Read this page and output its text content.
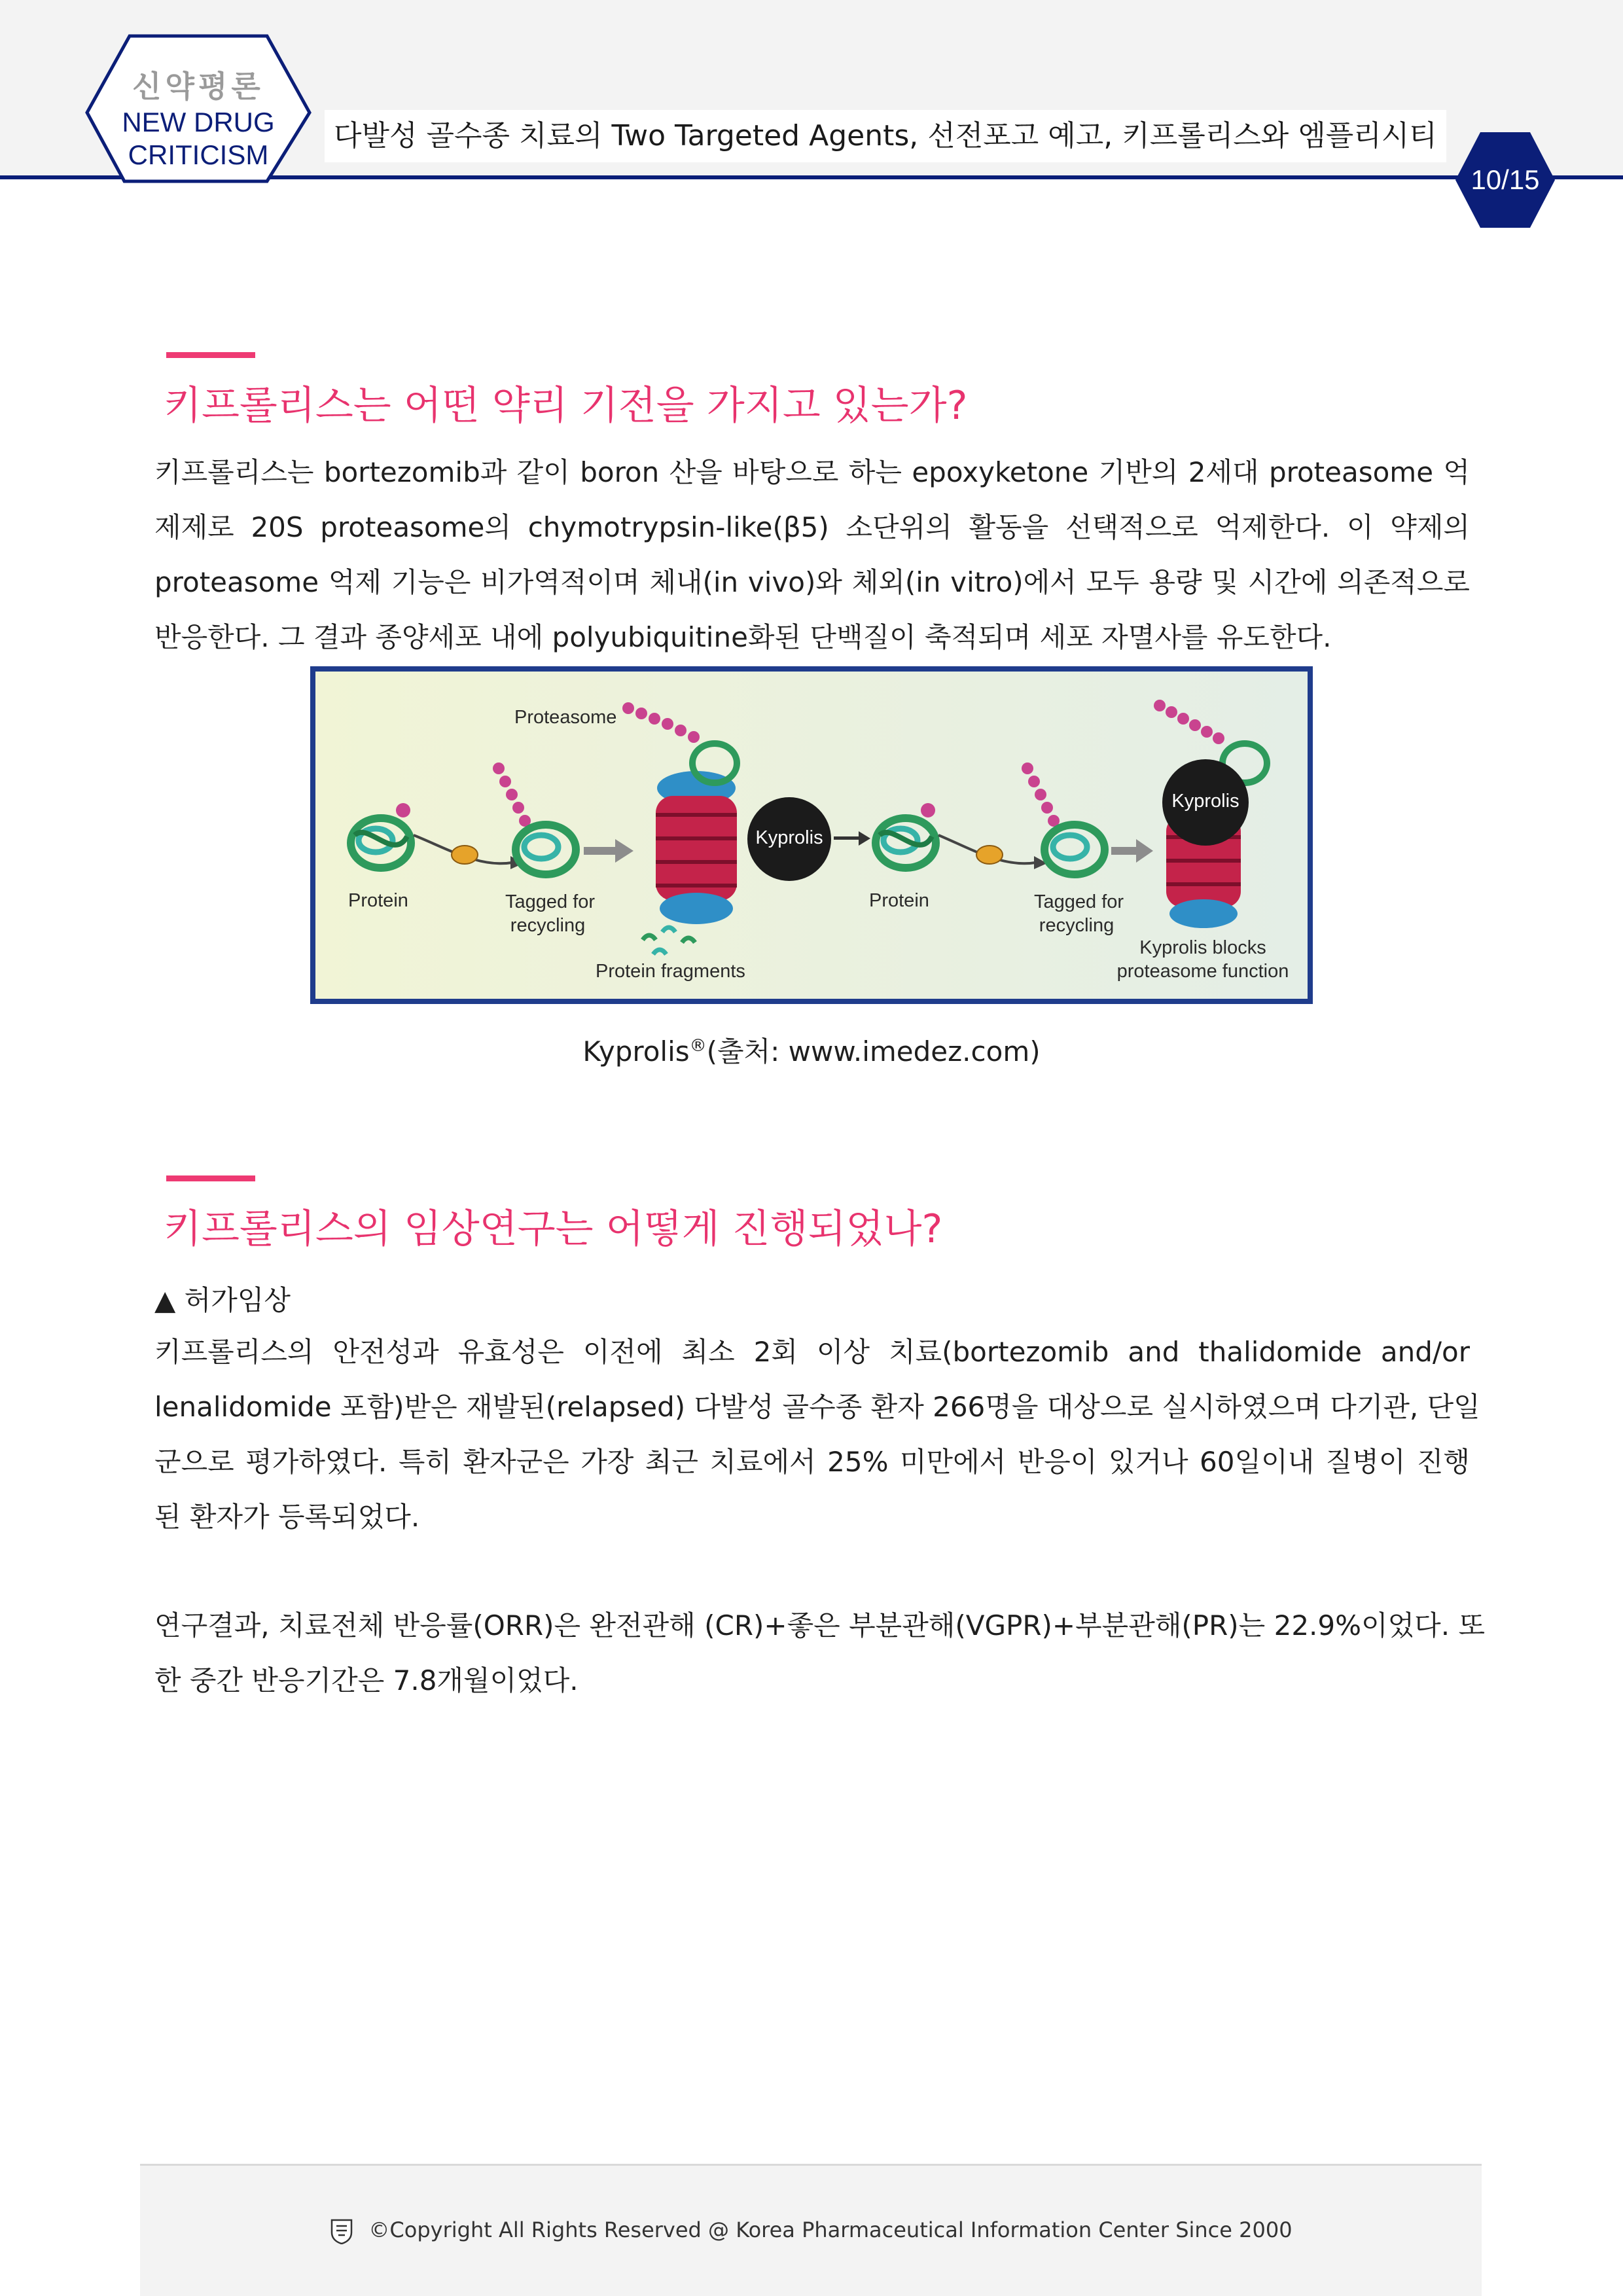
신약평론
NEW DRUG
CRITICISM
다발성 골수종 치료의 Two Targeted Agents, 선전포고 예고, 키프롤리스와 엠플리시티
10/15
키프롤리스는 어떤 약리 기전을 가지고 있는가?
키프롤리스는 bortezomib과 같이 boron 산을 바탕으로 하는 epoxyketone 기반의 2세대 proteasome 억
제제로 20S proteasome의 chymotrypsin-like(β5) 소단위의 활동을 선택적으로 억제한다. 이 약제의
proteasome 억제 기능은 비가역적이며 체내(in vivo)와 체외(in vitro)에서 모두 용량 및 시간에 의존적으로
반응한다. 그 결과 종양세포 내에 polyubiquitine화된 단백질이 축적되며 세포 자멸사를 유도한다.
Proteasome
Protein	Tagged for
recycling
Protein fragments
Kyprolis
Protein	Tagged for
recycling
Kyprolis
Kyprolis blocks
proteasome function
Kyprolis®(출처: www.imedez.com)
키프롤리스의 임상연구는 어떻게 진행되었나?
▲ 허가임상
키프롤리스의 안전성과 유효성은 이전에 최소 2회 이상 치료(bortezomib and thalidomide and/or
lenalidomide 포함)받은 재발된(relapsed) 다발성 골수종 환자 266명을 대상으로 실시하였으며 다기관, 단일
군으로 평가하였다. 특히 환자군은 가장 최근 치료에서 25% 미만에서 반응이 있거나 60일이내 질병이 진행
된 환자가 등록되었다.
연구결과, 치료전체 반응률(ORR)은 완전관해 (CR)+좋은 부분관해(VGPR)+부분관해(PR)는 22.9%이었다. 또
한 중간 반응기간은 7.8개월이었다.
©Copyright All Rights Reserved @ Korea Pharmaceutical Information Center Since 2000
